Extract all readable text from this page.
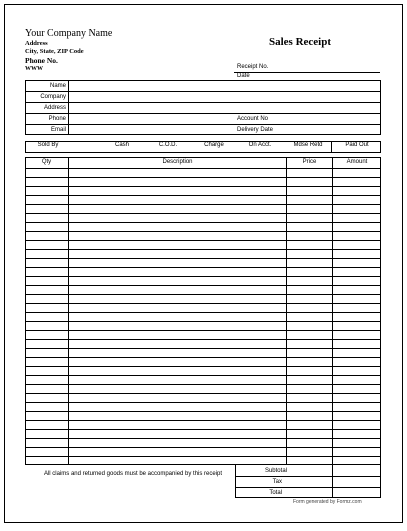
Your Company Name
Address
City, State, ZIP Code
Phone No.
WWW
Sales Receipt
Receipt No.
Date
Name
Company
Address
Phone
Email
Account No
Delivery Date
Sold By	Cash	C.O.D.	Charge	On Acct.	Mdse Retd	Paid Out
Qty	Description	Price	Amount
All claims and returned goods must be accompanied by this receipt	Subtotal
Tax
Total
Form generated by Formz.com
